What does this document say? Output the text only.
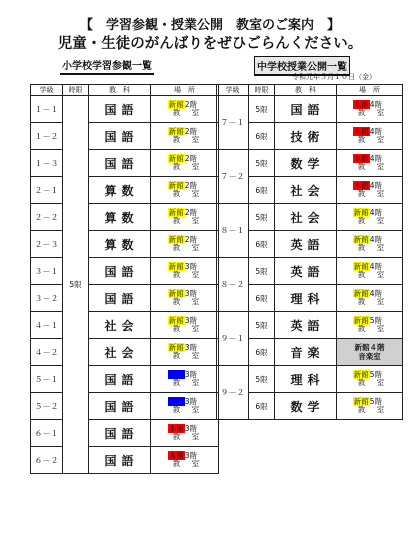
【　学習参観・授業公開　教室のご案内　】
児童・生徒のがんばりをぜひごらんください。
小学校学習参観一覧	中学校授業公開一覧
令和元年５月１０日（金）
学級	時限	教　科	場　所
１－１	5限	国語	新館2階
教　室

１－２		国語	新館2階
教　室

１－３		国語	新館2階
教　室

２－１		算数	新館2階
教　室

２－２		算数	新館2階
教　室

２－３		算数	新館2階
教　室

３－１		国語	新館3階
教　室

３－２		国語	新館3階
教　室

４－１		社会	新館3階
教　室

４－２		社会	新館3階
教　室

５－１		国語	新館3階
教　室

５－２		国語	新館3階
教　室

６－１		国語	本館3階
教　室

６－２		国語	本館3階
教　室
学級	時限	教　科	場　所
７－１	5限	国語	本館4階
教　室

	6限	技術	本館4階
教　室

７－２	5限	数学	本館4階
教　室

	6限	社会	本館4階
教　室

８－１	5限	社会	新館4階
教　室

	6限	英語	新館4階
教　室

８－２	5限	英語	新館4階
教　室

	6限	理科	新館4階
教　室

９－１	5限	英語	新館5階
教　室

	6限	音楽	新館４階
音楽室

９－２	5限	理科	新館5階
教　室

	6限	数学	新館5階
教　室
